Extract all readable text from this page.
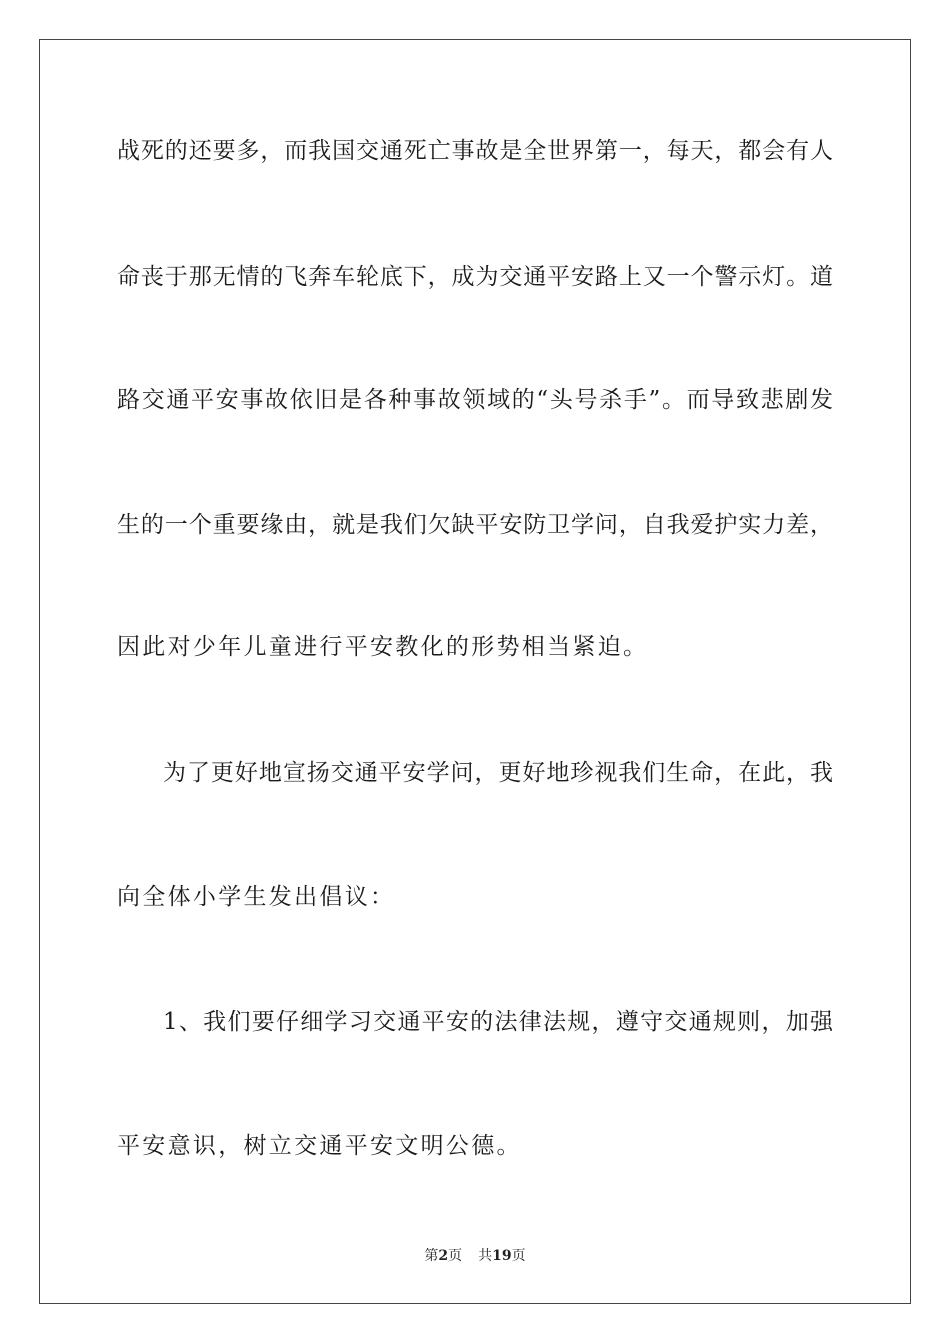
战死的还要多，而我国交通死亡事故是全世界第一，每天，都会有人
命丧于那无情的飞奔车轮底下，成为交通平安路上又一个警示灯。道
路交通平安事故依旧是各种事故领域的“头号杀手”。而导致悲剧发
生的一个重要缘由，就是我们欠缺平安防卫学问，自我爱护实力差，
因此对少年儿童进行平安教化的形势相当紧迫。
为了更好地宣扬交通平安学问，更好地珍视我们生命，在此，我
向全体小学生发出倡议：
1、我们要仔细学习交通平安的法律法规，遵守交通规则，加强
平安意识，树立交通平安文明公德。
第2页 共19页
